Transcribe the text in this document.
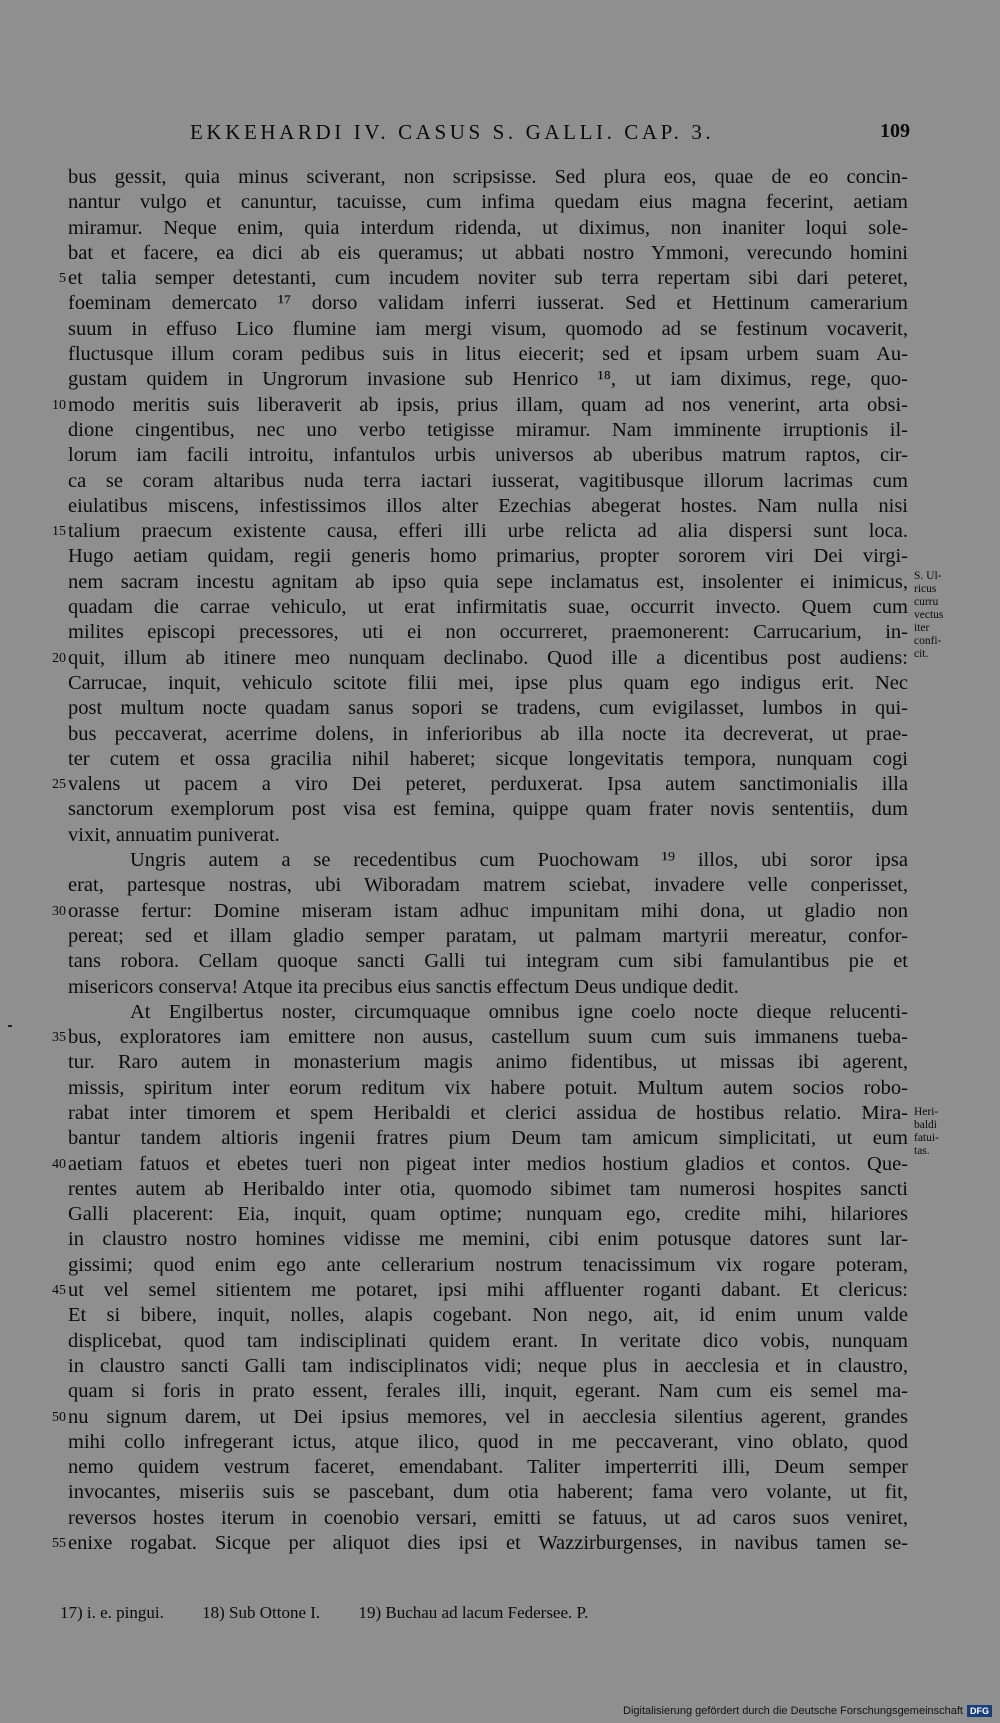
EKKEHARDI IV. CASUS S. GALLI. CAP. 3.	109
bus gessit, quia minus sciverant, non scripsisse. Sed plura eos, quae de eo concin-
nantur vulgo et canuntur, tacuisse, cum infima quedam eius magna fecerint, aetiam
miramur. Neque enim, quia interdum ridenda, ut diximus, non inaniter loqui sole-
bat et facere, ea dici ab eis queramus; ut abbati nostro Ymmoni, verecundo homini
et talia semper detestanti, cum incudem noviter sub terra repertam sibi dari peteret,
foeminam demercato ¹⁷ dorso validam inferri iusserat. Sed et Hettinum camerarium
suum in effuso Lico flumine iam mergi visum, quomodo ad se festinum vocaverit,
fluctusque illum coram pedibus suis in litus eiecerit; sed et ipsam urbem suam Au-
gustam quidem in Ungrorum invasione sub Henrico ¹⁸, ut iam diximus, rege, quo-
modo meritis suis liberaverit ab ipsis, prius illam, quam ad nos venerint, arta obsi-
dione cingentibus, nec uno verbo tetigisse miramur. Nam imminente irruptionis il-
lorum iam facili introitu, infantulos urbis universos ab uberibus matrum raptos, cir-
ca se coram altaribus nuda terra iactari iusserat, vagitibusque illorum lacrimas cum
eiulatibus miscens, infestissimos illos alter Ezechias abegerat hostes. Nam nulla nisi
talium praecum existente causa, efferi illi urbe relicta ad alia dispersi sunt loca.
Hugo aetiam quidam, regii generis homo primarius, propter sororem viri Dei virgi-
nem sacram incestu agnitam ab ipso quia sepe inclamatus est, insolenter ei inimicus,
quadam die carrae vehiculo, ut erat infirmitatis suae, occurrit invecto. Quem cum
milites episcopi precessores, uti ei non occurreret, praemonerent: Carrucarium, in-
quit, illum ab itinere meo nunquam declinabo. Quod ille a dicentibus post audiens:
Carrucae, inquit, vehiculo scitote filii mei, ipse plus quam ego indigus erit. Nec
post multum nocte quadam sanus sopori se tradens, cum evigilasset, lumbos in qui-
bus peccaverat, acerrime dolens, in inferioribus ab illa nocte ita decreverat, ut prae-
ter cutem et ossa gracilia nihil haberet; sicque longevitatis tempora, nunquam cogi
valens ut pacem a viro Dei peteret, perduxerat. Ipsa autem sanctimonialis illa
sanctorum exemplorum post visa est femina, quippe quam frater novis sententiis, dum
vixit, annuatim puniverat.
Ungris autem a se recedentibus cum Puochowam ¹⁹ illos, ubi soror ipsa
erat, partesque nostras, ubi Wiboradam matrem sciebat, invadere velle conperisset,
orasse fertur: Domine miseram istam adhuc impunitam mihi dona, ut gladio non
pereat; sed et illam gladio semper paratam, ut palmam martyrii mereatur, confor-
tans robora. Cellam quoque sancti Galli tui integram cum sibi famulantibus pie et
misericors conserva! Atque ita precibus eius sanctis effectum Deus undique dedit.
At Engilbertus noster, circumquaque omnibus igne coelo nocte dieque relucenti-
bus, exploratores iam emittere non ausus, castellum suum cum suis immanens tueba-
tur. Raro autem in monasterium magis animo fidentibus, ut missas ibi agerent,
missis, spiritum inter eorum reditum vix habere potuit. Multum autem socios robo-
rabat inter timorem et spem Heribaldi et clerici assidua de hostibus relatio. Mira-
bantur tandem altioris ingenii fratres pium Deum tam amicum simplicitati, ut eum
aetiam fatuos et ebetes tueri non pigeat inter medios hostium gladios et contos. Que-
rentes autem ab Heribaldo inter otia, quomodo sibimet tam numerosi hospites sancti
Galli placerent: Eia, inquit, quam optime; nunquam ego, credite mihi, hilariores
in claustro nostro homines vidisse me memini, cibi enim potusque datores sunt lar-
gissimi; quod enim ego ante cellerarium nostrum tenacissimum vix rogare poteram,
ut vel semel sitientem me potaret, ipsi mihi affluenter roganti dabant. Et clericus:
Et si bibere, inquit, nolles, alapis cogebant. Non nego, ait, id enim unum valde
displicebat, quod tam indisciplinati quidem erant. In veritate dico vobis, nunquam
in claustro sancti Galli tam indisciplinatos vidi; neque plus in aecclesia et in claustro,
quam si foris in prato essent, ferales illi, inquit, egerant. Nam cum eis semel ma-
nu signum darem, ut Dei ipsius memores, vel in aecclesia silentius agerent, grandes
mihi collo infregerant ictus, atque ilico, quod in me peccaverant, vino oblato, quod
nemo quidem vestrum faceret, emendabant. Taliter imperterriti illi, Deum semper
invocantes, miseriis suis se pascebant, dum otia haberent; fama vero volante, ut fit,
reversos hostes iterum in coenobio versari, emitti se fatuus, ut ad caros suos veniret,
enixe rogabat. Sicque per aliquot dies ipsi et Wazzirburgenses, in navibus tamen se-
5
10
15
20
25
30
35
40
45
50
55
S. Ul-
ricus
curru
vectus
iter
confi-
cit.
Heri-
baldi
fatui-
tas.
17) i. e. pingui. 18) Sub Ottone I. 19) Buchau ad lacum Federsee. P.
Digitalisierung gefördert durch die Deutsche Forschungsgemeinschaft DFG
